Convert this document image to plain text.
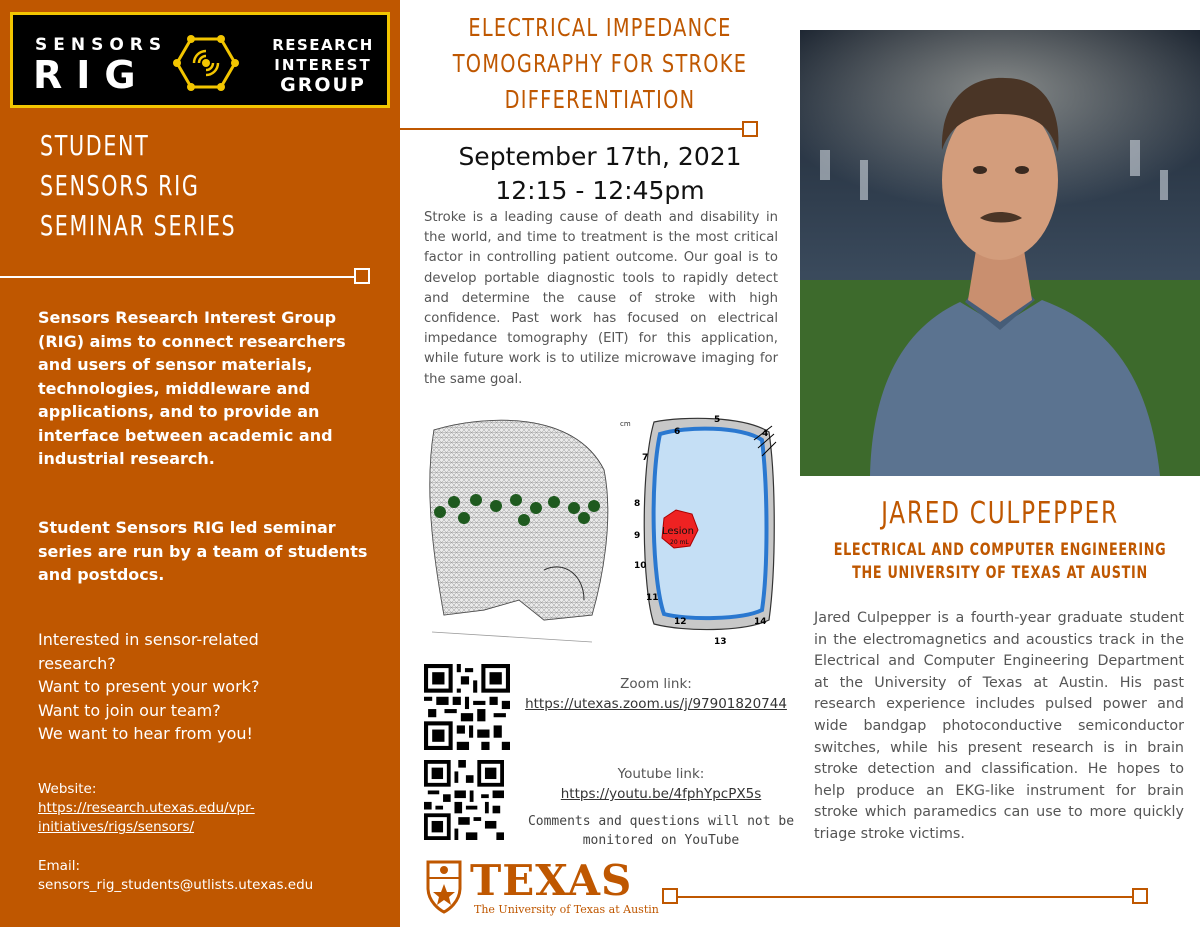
SENSORS
RIG
RESEARCH
INTEREST
GROUP
STUDENT
SENSORS RIG
SEMINAR SERIES
Sensors Research Interest Group (RIG) aims to connect researchers and users of sensor materials, technologies, middleware and applications, and to provide an interface between academic and industrial research.
Student Sensors RIG led seminar series are run by a team of students and postdocs.
Interested in sensor-related
research?
Want to present your work?
Want to join our team?
We want to hear from you!
Website:
https://research.utexas.edu/vpr-
initiatives/rigs/sensors/
Email:
sensors_rig_students@utlists.utexas.edu
ELECTRICAL IMPEDANCE
TOMOGRAPHY FOR STROKE
DIFFERENTIATION
September 17th, 2021
12:15 - 12:45pm
Stroke is a leading cause of death and disability in the world, and time to treatment is the most critical factor in controlling patient outcome. Our goal is to develop portable diagnostic tools to rapidly detect and determine the cause of stroke with high confidence. Past work has focused on electrical impedance tomography (EIT) for this application, while future work is to utilize microwave imaging for the same goal.
cm
Lesion
20 mL
4
5
6
7
8
9
10
11
12
13
14
Zoom link:
https://utexas.zoom.us/j/97901820744
Youtube link:
https://youtu.be/4fphYpcPX5s
Comments and questions will not be monitored on YouTube
TEXAS
The University of Texas at Austin
JARED CULPEPPER
ELECTRICAL AND COMPUTER ENGINEERING
THE UNIVERSITY OF TEXAS AT AUSTIN
Jared Culpepper is a fourth-year graduate student in the electromagnetics and acoustics track in the Electrical and Computer Engineering Department at the University of Texas at Austin. His past research experience includes pulsed power and wide bandgap photoconductive semiconductor switches, while his present research is in brain stroke detection and classification. He hopes to help produce an EKG-like instrument for brain stroke which paramedics can use to more quickly triage stroke victims.
